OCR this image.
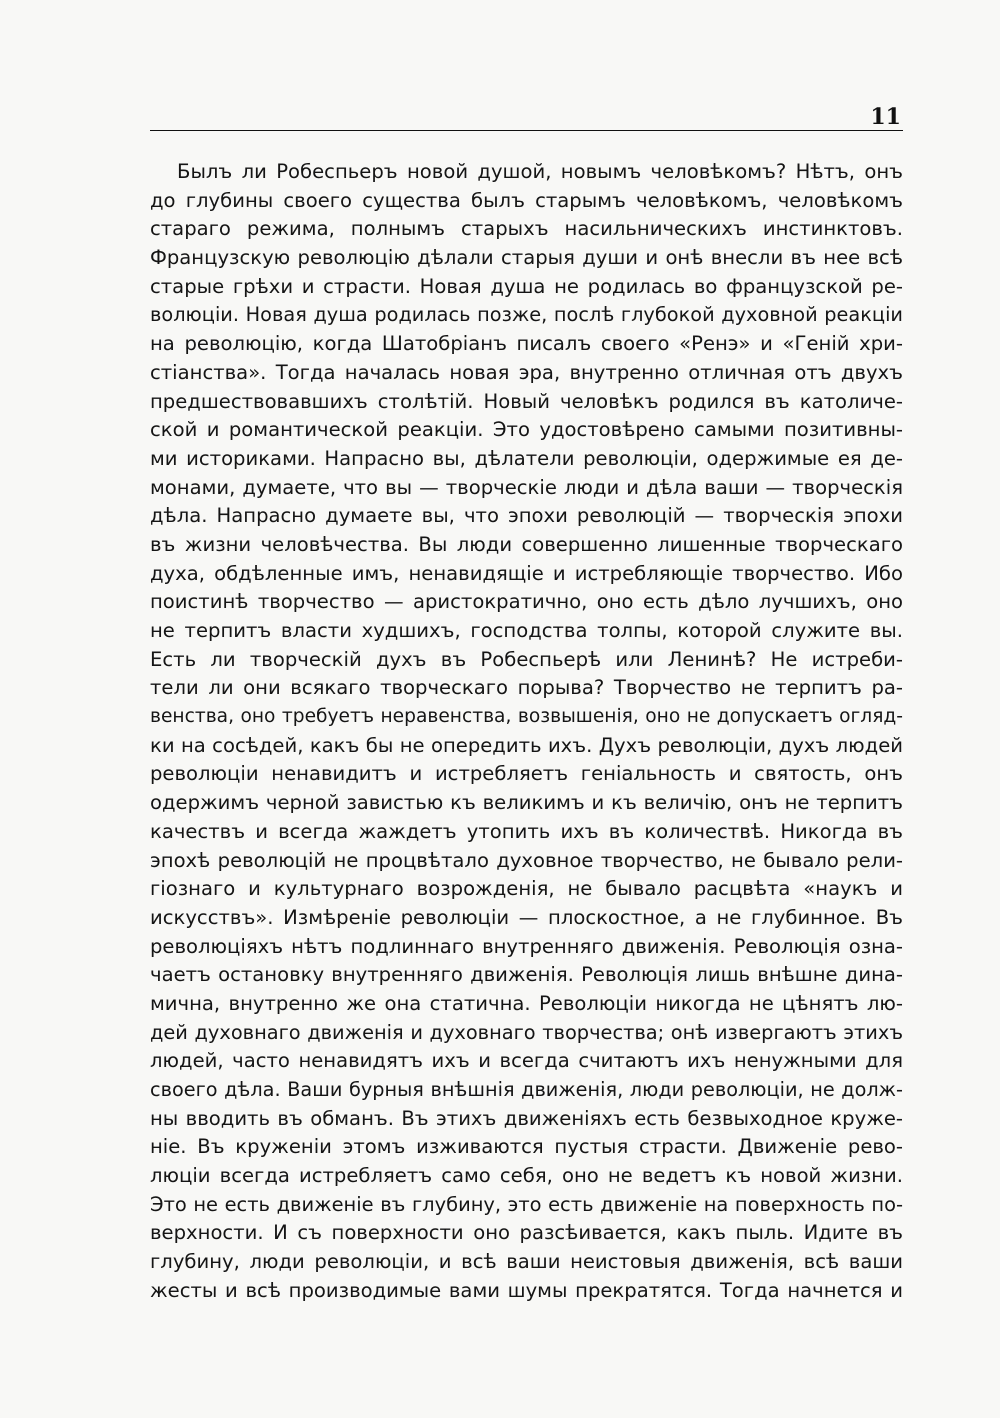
11
Былъ ли Робеспьеръ новой душой, новымъ человѣкомъ? Нѣтъ, онъ
до глубины своего существа былъ старымъ человѣкомъ, человѣкомъ
стараго режима, полнымъ старыхъ насильническихъ инстинктовъ.
Французскую революцію дѣлали старыя души и онѣ внесли въ нее всѣ
старые грѣхи и страсти. Новая душа не родилась во французской ре-
волюціи. Новая душа родилась позже, послѣ глубокой духовной реакціи
на революцію, когда Шатобріанъ писалъ своего «Ренэ» и «Геній хри-
стіанства». Тогда началась новая эра, внутренно отличная отъ двухъ
предшествовавшихъ столѣтій. Новый человѣкъ родился въ католиче-
ской и романтической реакціи. Это удостовѣрено самыми позитивны-
ми историками. Напрасно вы, дѣлатели революціи, одержимые ея де-
монами, думаете, что вы — творческіе люди и дѣла ваши — творческія
дѣла. Напрасно думаете вы, что эпохи революцій — творческія эпохи
въ жизни человѣчества. Вы люди совершенно лишенные творческаго
духа, обдѣленные имъ, ненавидящіе и истребляющіе творчество. Ибо
поистинѣ творчество — аристократично, оно есть дѣло лучшихъ, оно
не терпитъ власти худшихъ, господства толпы, которой служите вы.
Есть ли творческій духъ въ Робеспьерѣ или Ленинѣ? Не истреби-
тели ли они всякаго творческаго порыва? Творчество не терпитъ ра-
венства, оно требуетъ неравенства, возвышенія, оно не допускаетъ огляд-
ки на сосѣдей, какъ бы не опередить ихъ. Духъ революціи, духъ людей
революціи ненавидитъ и истребляетъ геніальность и святость, онъ
одержимъ черной завистью къ великимъ и къ величію, онъ не терпитъ
качествъ и всегда жаждетъ утопить ихъ въ количествѣ. Никогда въ
эпохѣ революцій не процвѣтало духовное творчество, не бывало рели-
гіознаго и культурнаго возрожденія, не бывало расцвѣта «наукъ и
искусствъ». Измѣреніе революціи — плоскостное, а не глубинное. Въ
революціяхъ нѣтъ подлиннаго внутренняго движенія. Революція озна-
чаетъ остановку внутренняго движенія. Революція лишь внѣшне дина-
мична, внутренно же она статична. Революціи никогда не цѣнятъ лю-
дей духовнаго движенія и духовнаго творчества; онѣ извергаютъ этихъ
людей, часто ненавидятъ ихъ и всегда считаютъ ихъ ненужными для
своего дѣла. Ваши бурныя внѣшнія движенія, люди революціи, не долж-
ны вводить въ обманъ. Въ этихъ движеніяхъ есть безвыходное круже-
ніе. Въ круженіи этомъ изживаются пустыя страсти. Движеніе рево-
люціи всегда истребляетъ само себя, оно не ведетъ къ новой жизни.
Это не есть движеніе въ глубину, это есть движеніе на поверхность по-
верхности. И съ поверхности оно разсѣивается, какъ пыль. Идите въ
глубину, люди революціи, и всѣ ваши неистовыя движенія, всѣ ваши
жесты и всѣ производимые вами шумы прекратятся. Тогда начнется и
